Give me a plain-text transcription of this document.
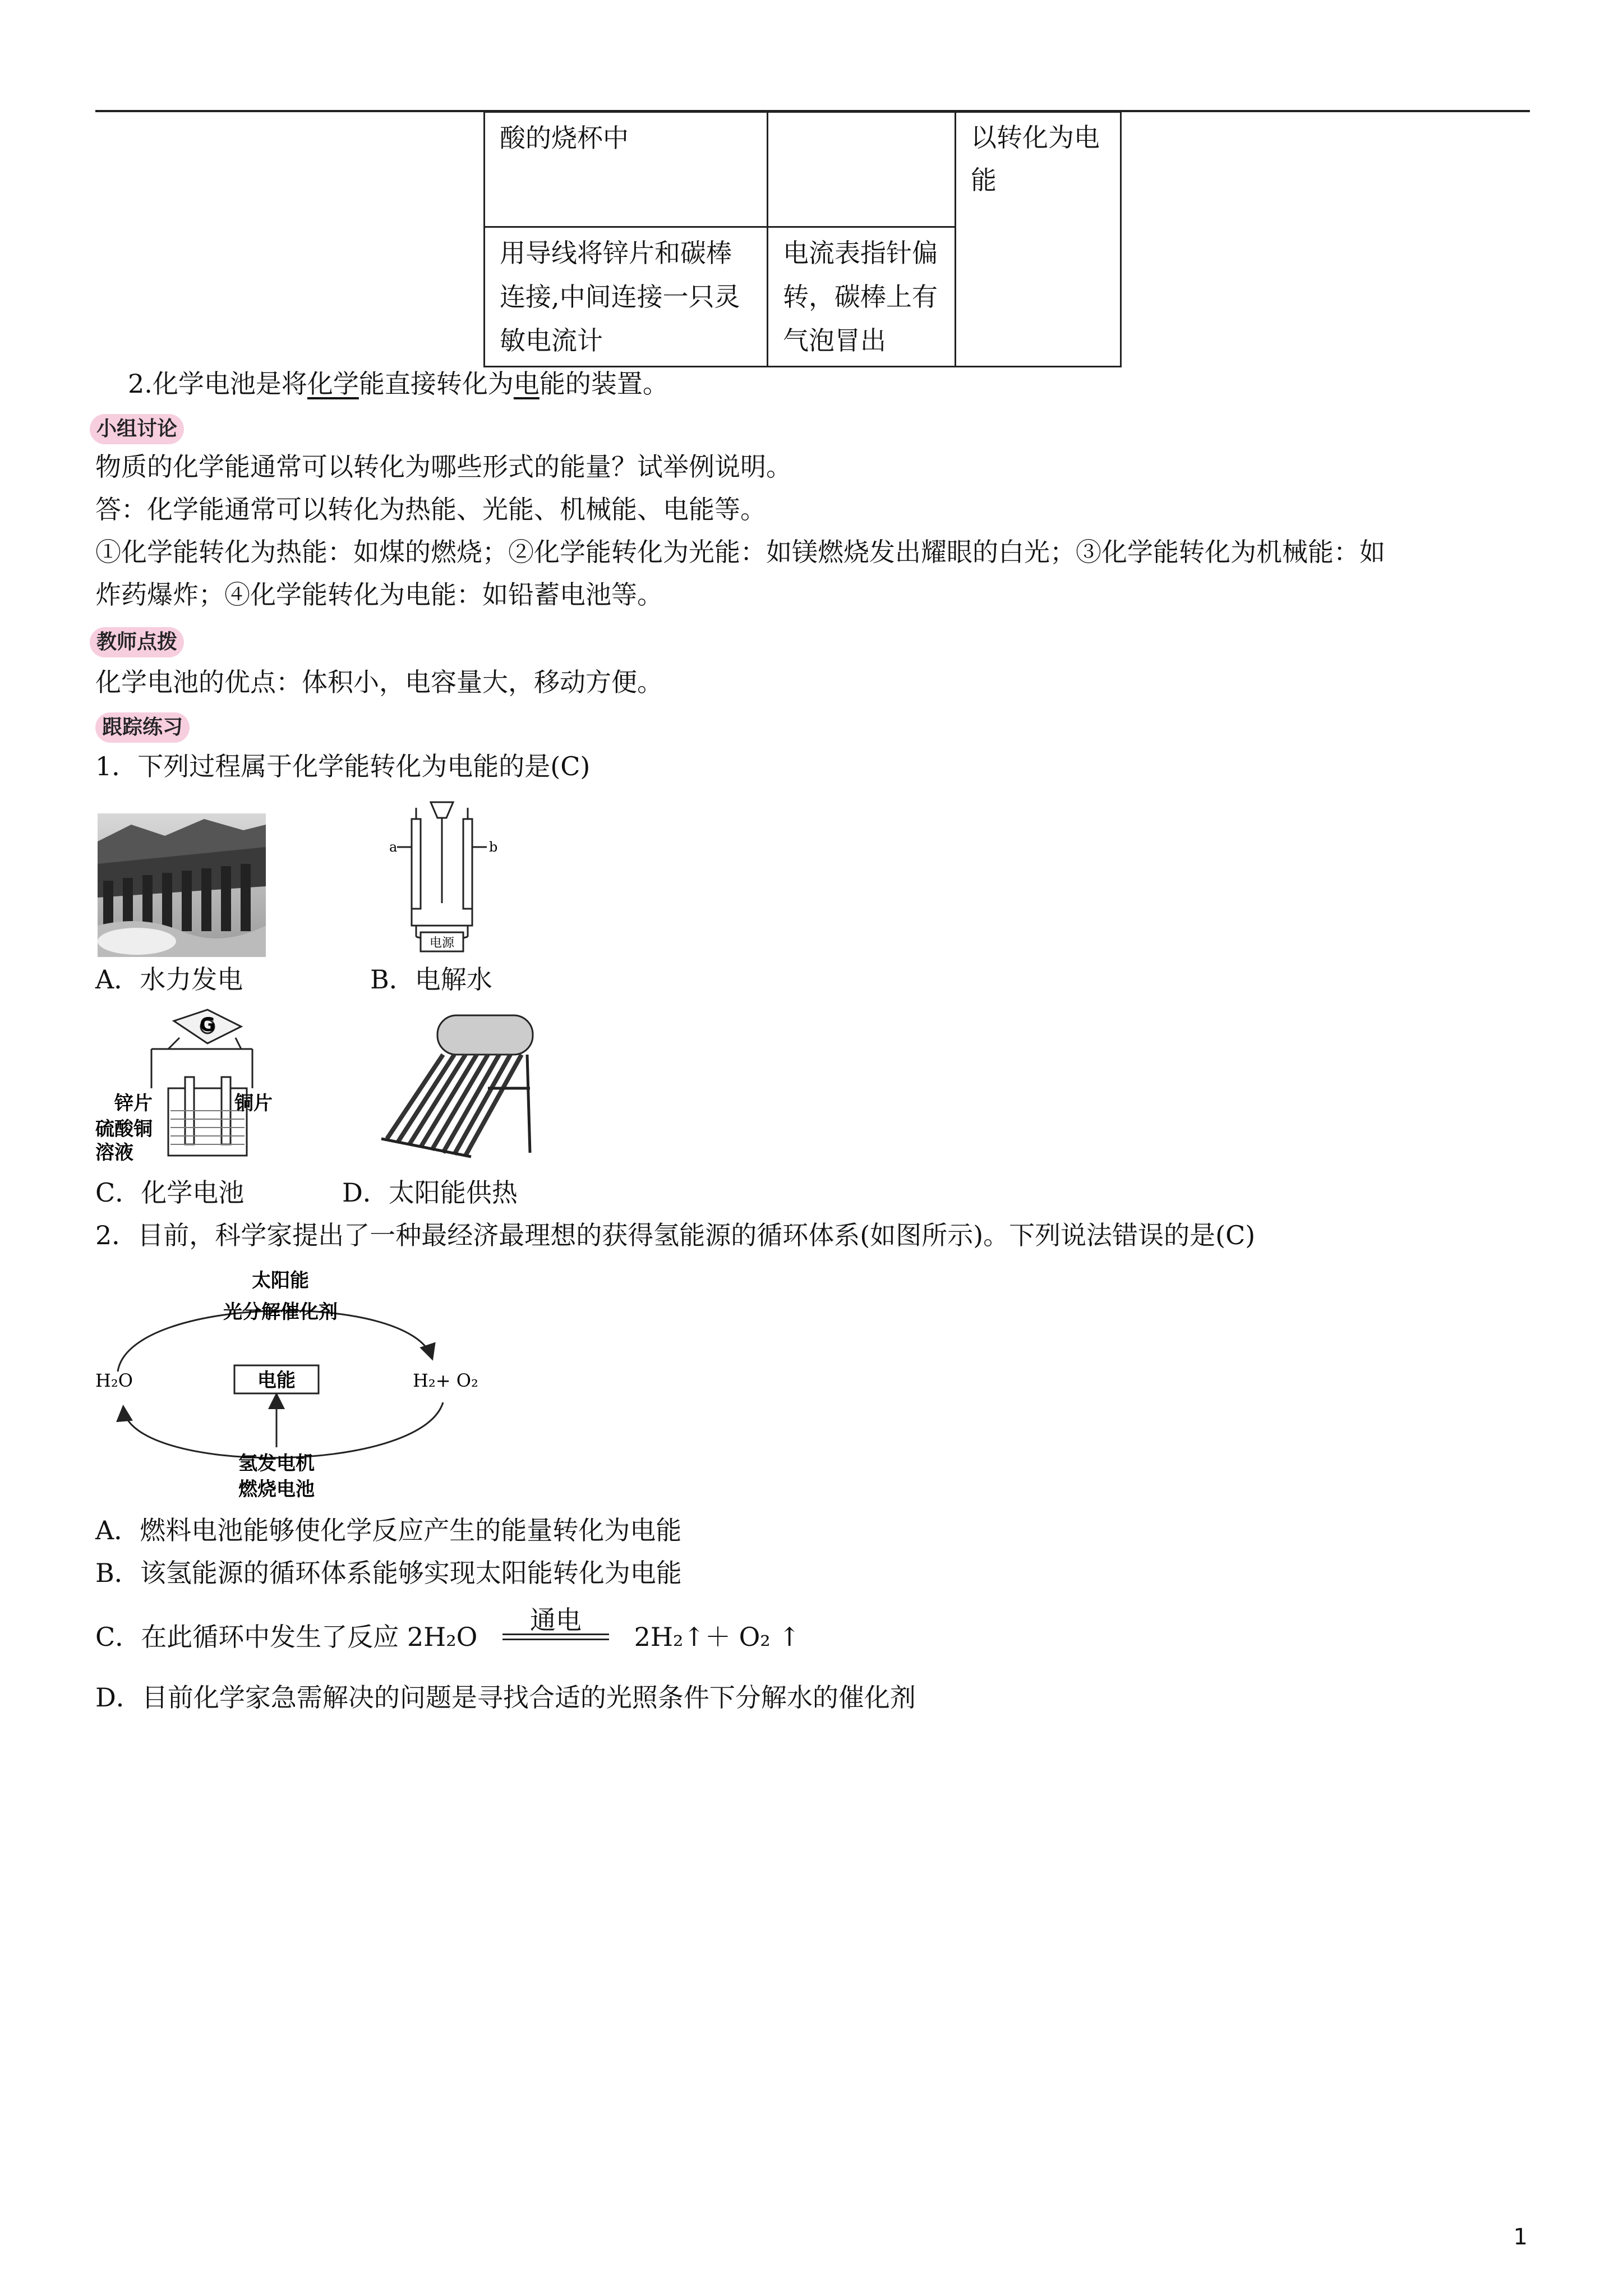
酸的烧杯中		以转化为电能
用导线将锌片和碳棒连接,中间连接一只灵敏电流计	电流表指针偏转，碳棒上有气泡冒出	
2.化学电池是将化学能直接转化为电能的装置。
小组讨论
物质的化学能通常可以转化为哪些形式的能量？试举例说明。
答：化学能通常可以转化为热能、光能、机械能、电能等。
①化学能转化为热能：如煤的燃烧；②化学能转化为光能：如镁燃烧发出耀眼的白光；③化学能转化为机械能：如
炸药爆炸；④化学能转化为电能：如铅蓄电池等。
教师点拨
化学电池的优点：体积小，电容量大，移动方便。
跟踪练习
1．下列过程属于化学能转化为电能的是(C)
a	b
电源
A．水力发电	B．电解水
G
锌片	铜片
硫酸铜
溶液
C．化学电池	D．太阳能供热
2．目前，科学家提出了一种最经济最理想的获得氢能源的循环体系(如图所示)。下列说法错误的是(C)
太阳能
光分解催化剂
H₂O	电能	H₂+ O₂
氢发电机
燃烧电池
A．燃料电池能够使化学反应产生的能量转化为电能
B．该氢能源的循环体系能够实现太阳能转化为电能
C．在此循环中发生了反应 2H₂O
通电
2H₂↑＋ O₂ ↑
D．目前化学家急需解决的问题是寻找合适的光照条件下分解水的催化剂
1
